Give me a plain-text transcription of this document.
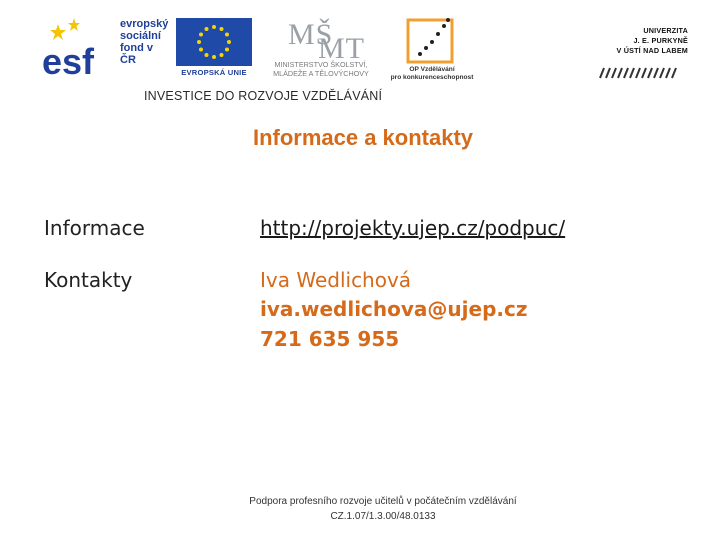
esf
evropský
sociální
fond v ČR
EVROPSKÁ UNIE
MŠ
MT
MINISTERSTVO ŠKOLSTVÍ,
MLÁDEŽE A TĚLOVÝCHOVY	OP Vzdělávání
pro konkurenceschopnost
UNIVERZITA
J. E. PURKYNĚ
V ÚSTÍ NAD LABEM
INVESTICE DO ROZVOJE VZDĚLÁVÁNÍ
Informace a kontakty
Informace	http://projekty.ujep.cz/podpuc/
Kontakty	Iva Wedlichová
iva.wedlichova@ujep.cz
721 635 955
Podpora profesního rozvoje učitelů v počátečním vzdělávání
CZ.1.07/1.3.00/48.0133
